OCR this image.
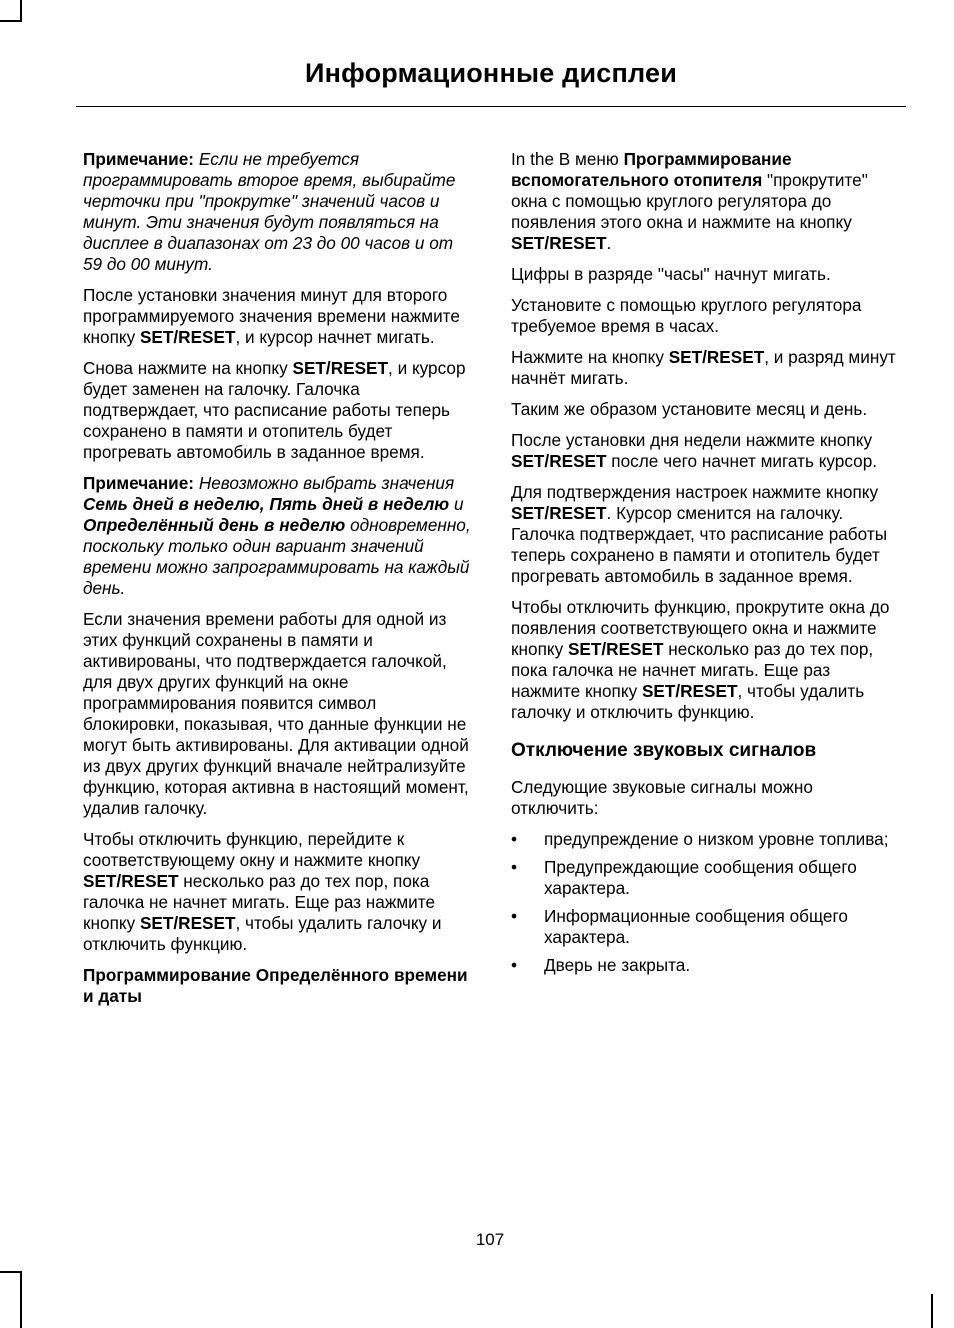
Информационные дисплеи

Примечание: Если не требуется программировать второе время, выбирайте черточки при "прокрутке" значений часов и минут. Эти значения будут появляться на дисплее в диапазонах от 23 до 00 часов и от 59 до 00 минут.

После установки значения минут для второго программируемого значения времени нажмите кнопку SET/RESET, и курсор начнет мигать.

Снова нажмите на кнопку SET/RESET, и курсор будет заменен на галочку. Галочка подтверждает, что расписание работы теперь сохранено в памяти и отопитель будет прогревать автомобиль в заданное время.

Примечание: Невозможно выбрать значения Семь дней в неделю, Пять дней в неделю и Определённый день в неделю одновременно, поскольку только один вариант значений времени можно запрограммировать на каждый день.

Если значения времени работы для одной из этих функций сохранены в памяти и активированы, что подтверждается галочкой, для двух других функций на окне программирования появится символ блокировки, показывая, что данные функции не могут быть активированы. Для активации одной из двух других функций вначале нейтрализуйте функцию, которая активна в настоящий момент, удалив галочку.

Чтобы отключить функцию, перейдите к соответствующему окну и нажмите кнопку SET/RESET несколько раз до тех пор, пока галочка не начнет мигать. Еще раз нажмите кнопку SET/RESET, чтобы удалить галочку и отключить функцию.

Программирование Определённого времени и даты

In the B меню Программирование вспомогательного отопителя "прокрутите" окна с помощью круглого регулятора до появления этого окна и нажмите на кнопку SET/RESET.

Цифры в разряде "часы" начнут мигать.

Установите с помощью круглого регулятора требуемое время в часах.

Нажмите на кнопку SET/RESET, и разряд минут начнёт мигать.

Таким же образом установите месяц и день.

После установки дня недели нажмите кнопку SET/RESET после чего начнет мигать курсор.

Для подтверждения настроек нажмите кнопку SET/RESET. Курсор сменится на галочку. Галочка подтверждает, что расписание работы теперь сохранено в памяти и отопитель будет прогревать автомобиль в заданное время.

Чтобы отключить функцию, прокрутите окна до появления соответствующего окна и нажмите кнопку SET/RESET несколько раз до тех пор, пока галочка не начнет мигать. Еще раз нажмите кнопку SET/RESET, чтобы удалить галочку и отключить функцию.

Отключение звуковых сигналов

Следующие звуковые сигналы можно отключить:

• предупреждение о низком уровне топлива;
• Предупреждающие сообщения общего характера.
• Информационные сообщения общего характера.
• Дверь не закрыта.
107
